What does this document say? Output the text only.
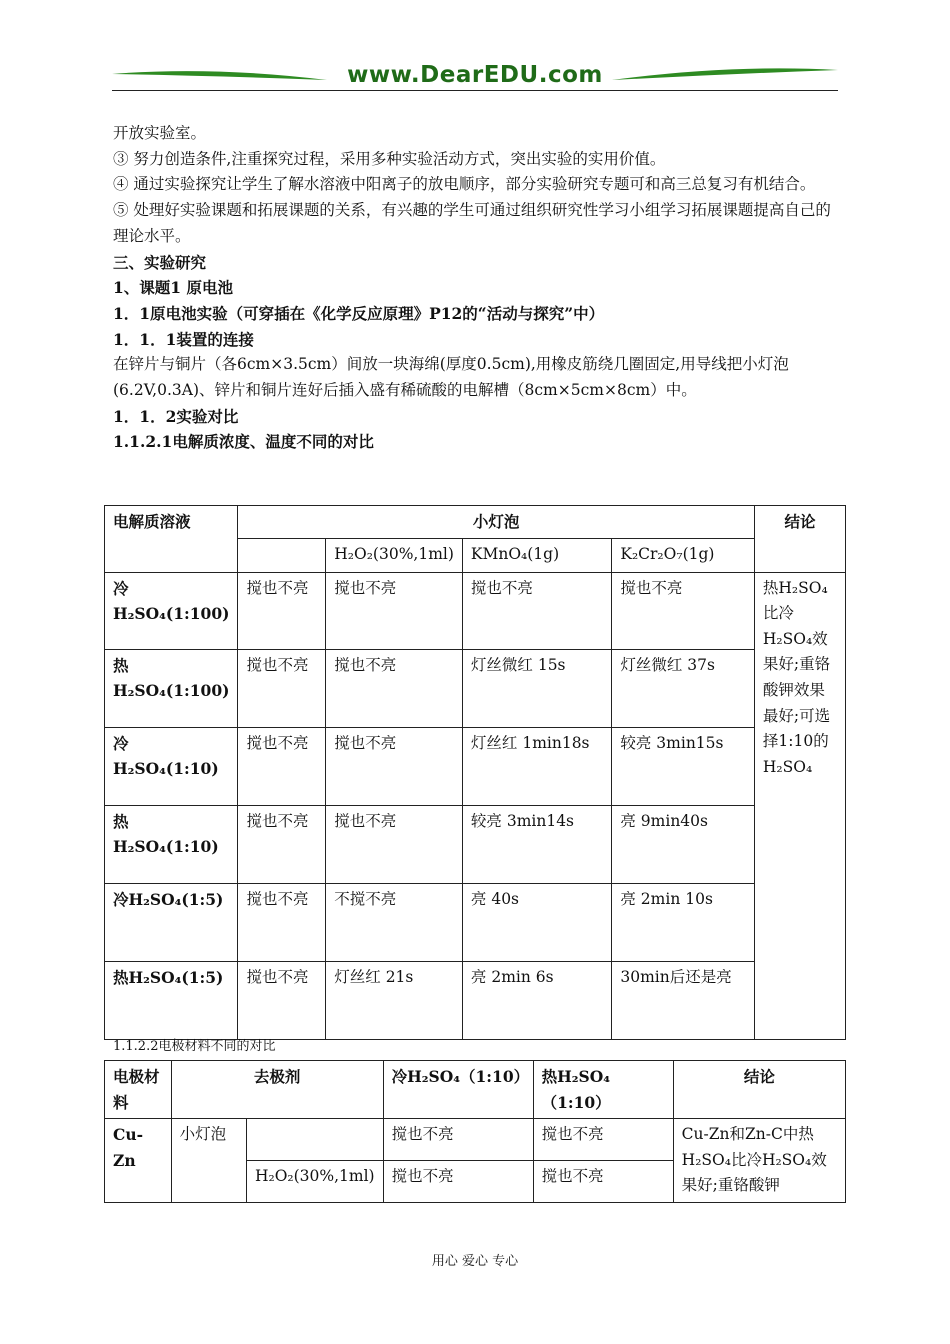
www.DearEDU.com

开放实验室。

③ 努力创造条件,注重探究过程，采用多种实验活动方式，突出实验的实用价值。

④ 通过实验探究让学生了解水溶液中阳离子的放电顺序，部分实验研究专题可和高三总复习有机结合。

⑤ 处理好实验课题和拓展课题的关系，有兴趣的学生可通过组织研究性学习小组学习拓展课题提高自己的理论水平。

三、实验研究

1、课题1 原电池

1．1原电池实验（可穿插在《化学反应原理》P12的“活动与探究”中）

1．1．1装置的连接

在锌片与铜片（各6cm×3.5cm）间放一块海绵(厚度0.5cm),用橡皮筋绕几圈固定,用导线把小灯泡(6.2V,0.3A)、锌片和铜片连好后插入盛有稀硫酸的电解槽（8cm×5cm×8cm）中。

1．1．2实验对比

1.1.2.1电解质浓度、温度不同的对比

电解质溶液	小灯泡				结论
		H₂O₂(30%,1ml)	KMnO₄(1g)	K₂Cr₂O₇(1g)	
冷H₂SO₄(1:100)	搅也不亮	搅也不亮	搅也不亮	搅也不亮	热H₂SO₄比冷H₂SO₄效果好;重铬酸钾效果最好;可选择1:10的H₂SO₄
热H₂SO₄(1:100)	搅也不亮	搅也不亮	灯丝微红 15s	灯丝微红 37s	
冷H₂SO₄(1:10)	搅也不亮	搅也不亮	灯丝红 1min18s	较亮 3min15s	
热H₂SO₄(1:10)	搅也不亮	搅也不亮	较亮 3min14s	亮 9min40s	
冷H₂SO₄(1:5)	搅也不亮	不搅不亮	亮 40s	亮 2min 10s	
热H₂SO₄(1:5)	搅也不亮	灯丝红 21s	亮 2min 6s	30min后还是亮	
1.1.2.2电极材料不同的对比
电极材料	去极剂		冷H₂SO₄（1:10）	热H₂SO₄（1:10）	结论
Cu-Zn	小灯泡		搅也不亮	搅也不亮	Cu-Zn和Zn-C中热H₂SO₄比冷H₂SO₄效果好;重铬酸钾
		H₂O₂(30%,1ml)	搅也不亮	搅也不亮	
用心 爱心 专心
